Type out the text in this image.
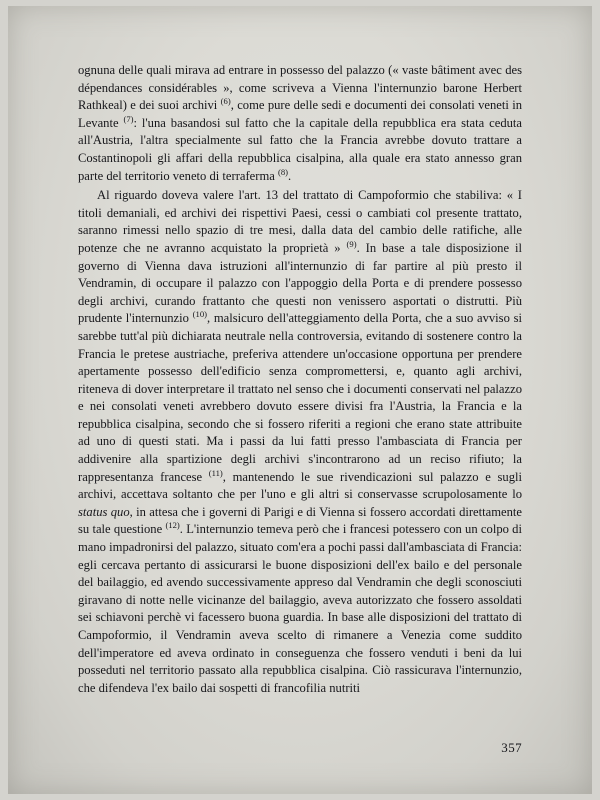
ognuna delle quali mirava ad entrare in possesso del palazzo (« vaste bâtiment avec des dépendances considérables », come scriveva a Vienna l'internunzio barone Herbert Rathkeal) e dei suoi archivi $^{(6)}$, come pure delle sedi e documenti dei consolati veneti in Levante $^{(7)}$: l'una basandosi sul fatto che la capitale della repubblica era stata ceduta all'Austria, l'altra specialmente sul fatto che la Francia avrebbe dovuto trattare a Costantinopoli gli affari della repubblica cisalpina, alla quale era stato annesso gran parte del territorio veneto di terraferma $^{(8)}$.

Al riguardo doveva valere l'art. 13 del trattato di Campoformio che stabiliva: « I titoli demaniali, ed archivi dei rispettivi Paesi, cessi o cambiati col presente trattato, saranno rimessi nello spazio di tre mesi, dalla data del cambio delle ratifiche, alle potenze che ne avranno acquistato la proprietà » $^{(9)}$. In base a tale disposizione il governo di Vienna dava istruzioni all'internunzio di far partire al più presto il Vendramin, di occupare il palazzo con l'appoggio della Porta e di prendere possesso degli archivi, curando frattanto che questi non venissero asportati o distrutti. Più prudente l'internunzio $^{(10)}$, malsicuro dell'atteggiamento della Porta, che a suo avviso si sarebbe tutt'al più dichiarata neutrale nella controversia, evitando di sostenere contro la Francia le pretese austriache, preferiva attendere un'occasione opportuna per prendere apertamente possesso dell'edificio senza compromettersi, e, quanto agli archivi, riteneva di dover interpretare il trattato nel senso che i documenti conservati nel palazzo e nei consolati veneti avrebbero dovuto essere divisi fra l'Austria, la Francia e la repubblica cisalpina, secondo che si fossero riferiti a regioni che erano state attribuite ad uno di questi stati. Ma i passi da lui fatti presso l'ambasciata di Francia per addivenire alla spartizione degli archivi s'incontrarono ad un reciso rifiuto; la rappresentanza francese $^{(11)}$, mantenendo le sue rivendicazioni sul palazzo e sugli archivi, accettava soltanto che per l'uno e gli altri si conservasse scrupolosamente lo status quo, in attesa che i governi di Parigi e di Vienna si fossero accordati direttamente su tale questione $^{(12)}$. L'internunzio temeva però che i francesi potessero con un colpo di mano impadronirsi del palazzo, situato com'era a pochi passi dall'ambasciata di Francia: egli cercava pertanto di assicurarsi le buone disposizioni dell'ex bailo e del personale del bailaggio, ed avendo successivamente appreso dal Vendramin che degli sconosciuti giravano di notte nelle vicinanze del bailaggio, aveva autorizzato che fossero assoldati sei schiavoni perchè vi facessero buona guardia. In base alle disposizioni del trattato di Campoformio, il Vendramin aveva scelto di rimanere a Venezia come suddito dell'imperatore ed aveva ordinato in conseguenza che fossero venduti i beni da lui posseduti nel territorio passato alla repubblica cisalpina. Ciò rassicurava l'internunzio, che difendeva l'ex bailo dai sospetti di francofilia nutriti

357
